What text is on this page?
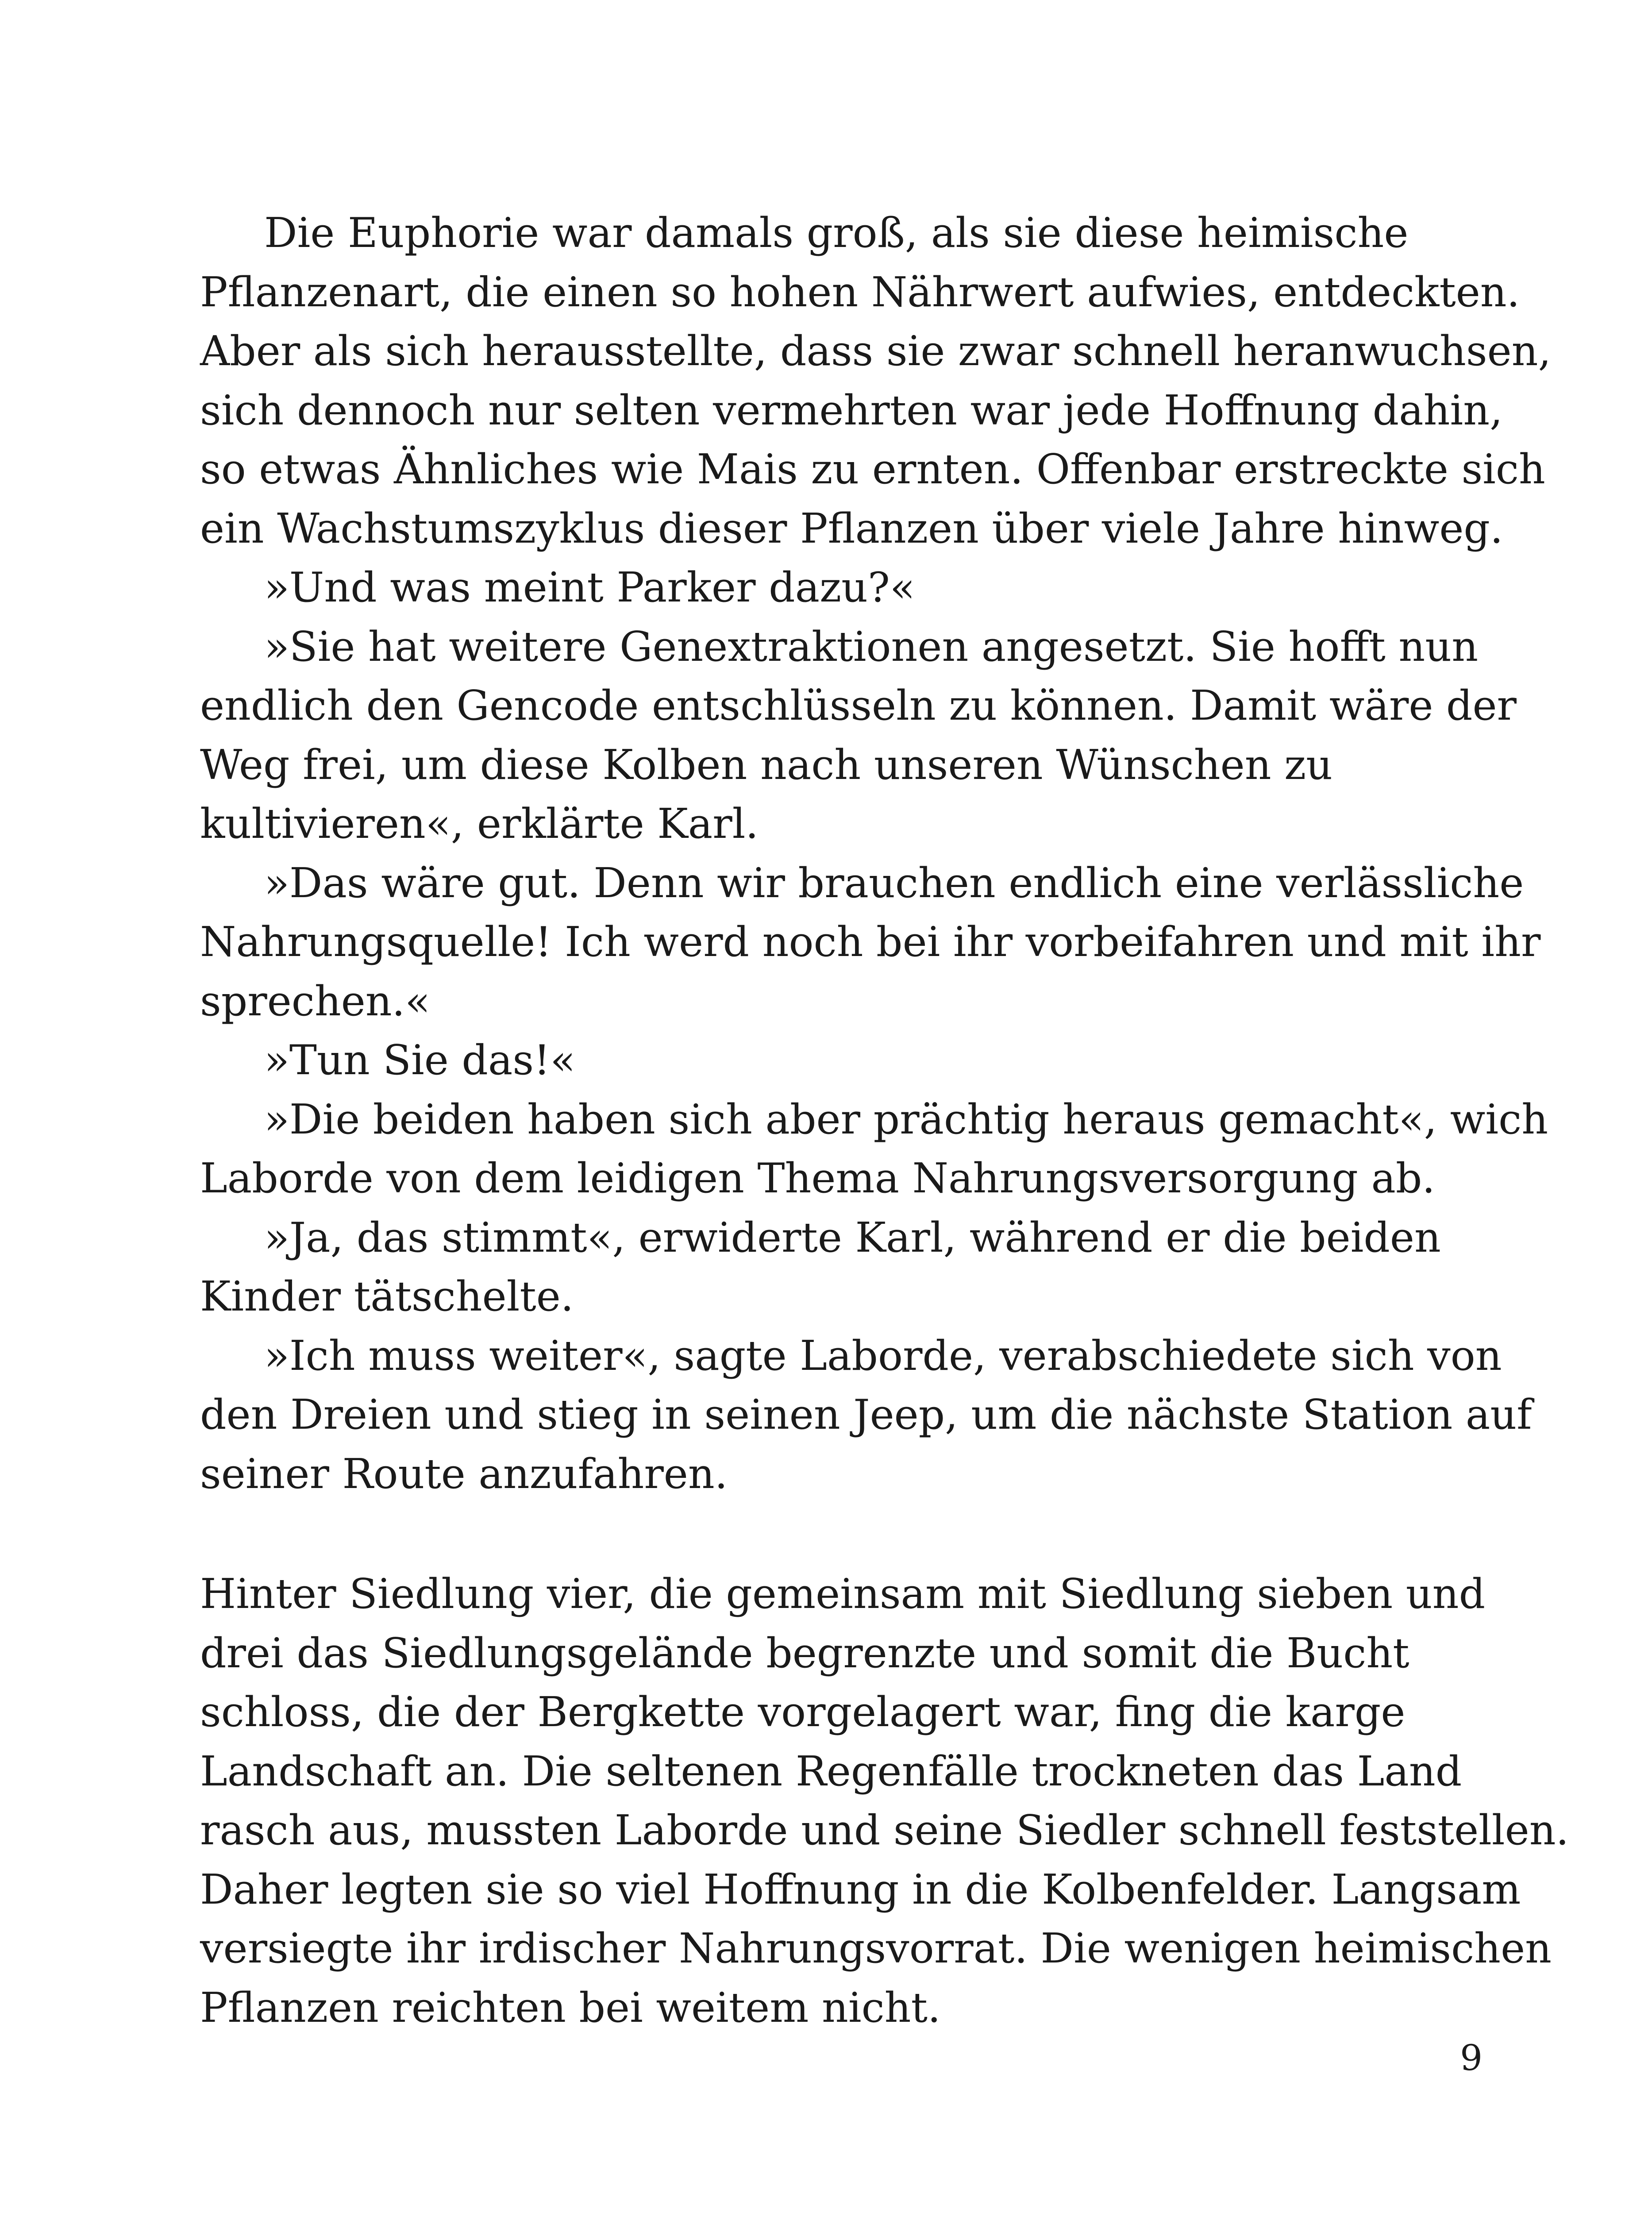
Die Euphorie war damals groß, als sie diese heimische
Pflanzenart, die einen so hohen Nährwert aufwies, entdeckten.
Aber als sich herausstellte, dass sie zwar schnell heranwuchsen,
sich dennoch nur selten vermehrten war jede Hoffnung dahin,
so etwas Ähnliches wie Mais zu ernten. Offenbar erstreckte sich
ein Wachstumszyklus dieser Pflanzen über viele Jahre hinweg.
»Und was meint Parker dazu?«
»Sie hat weitere Genextraktionen angesetzt. Sie hofft nun
endlich den Gencode entschlüsseln zu können. Damit wäre der
Weg frei, um diese Kolben nach unseren Wünschen zu
kultivieren«, erklärte Karl.
»Das wäre gut. Denn wir brauchen endlich eine verlässliche
Nahrungsquelle! Ich werd noch bei ihr vorbeifahren und mit ihr
sprechen.«
»Tun Sie das!«
»Die beiden haben sich aber prächtig heraus gemacht«, wich
Laborde von dem leidigen Thema Nahrungsversorgung ab.
»Ja, das stimmt«, erwiderte Karl, während er die beiden
Kinder tätschelte.
»Ich muss weiter«, sagte Laborde, verabschiedete sich von
den Dreien und stieg in seinen Jeep, um die nächste Station auf
seiner Route anzufahren.
Hinter Siedlung vier, die gemeinsam mit Siedlung sieben und
drei das Siedlungsgelände begrenzte und somit die Bucht
schloss, die der Bergkette vorgelagert war, fing die karge
Landschaft an. Die seltenen Regenfälle trockneten das Land
rasch aus, mussten Laborde und seine Siedler schnell feststellen.
Daher legten sie so viel Hoffnung in die Kolbenfelder. Langsam
versiegte ihr irdischer Nahrungsvorrat. Die wenigen heimischen
Pflanzen reichten bei weitem nicht.
9
